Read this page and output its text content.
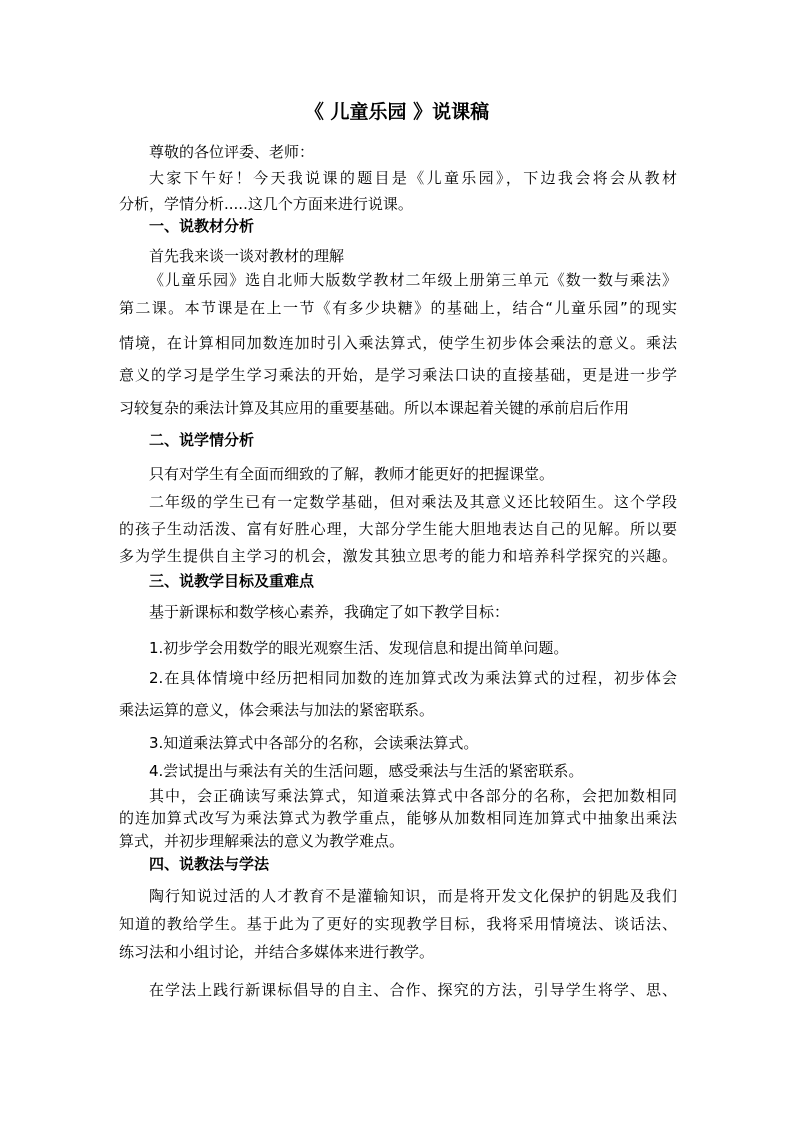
《 儿童乐园 》说课稿
尊敬的各位评委、老师：
大家下午好！今天我说课的题目是《儿童乐园》，下边我会将会从教材
分析，学情分析.....这几个方面来进行说课。
一、说教材分析
首先我来谈一谈对教材的理解
《儿童乐园》选自北师大版数学教材二年级上册第三单元《数一数与乘法》
第二课。本节课是在上一节《有多少块糖》的基础上，结合“儿童乐园”的现实
情境，在计算相同加数连加时引入乘法算式，使学生初步体会乘法的意义。乘法
意义的学习是学生学习乘法的开始，是学习乘法口诀的直接基础，更是进一步学
习较复杂的乘法计算及其应用的重要基础。所以本课起着关键的承前启后作用
二、说学情分析
只有对学生有全面而细致的了解，教师才能更好的把握课堂。
二年级的学生已有一定数学基础，但对乘法及其意义还比较陌生。这个学段
的孩子生动活泼、富有好胜心理，大部分学生能大胆地表达自己的见解。所以要
多为学生提供自主学习的机会，激发其独立思考的能力和培养科学探究的兴趣。
三、说教学目标及重难点
基于新课标和数学核心素养，我确定了如下教学目标：
1.初步学会用数学的眼光观察生活、发现信息和提出简单问题。
2.在具体情境中经历把相同加数的连加算式改为乘法算式的过程，初步体会
乘法运算的意义，体会乘法与加法的紧密联系。
3.知道乘法算式中各部分的名称，会读乘法算式。
4.尝试提出与乘法有关的生活问题，感受乘法与生活的紧密联系。
其中，会正确读写乘法算式，知道乘法算式中各部分的名称，会把加数相同
的连加算式改写为乘法算式为教学重点，能够从加数相同连加算式中抽象出乘法
算式，并初步理解乘法的意义为教学难点。
四、说教法与学法
陶行知说过活的人才教育不是灌输知识，而是将开发文化保护的钥匙及我们
知道的教给学生。基于此为了更好的实现教学目标，我将采用情境法、谈话法、
练习法和小组讨论，并结合多媒体来进行教学。
在学法上践行新课标倡导的自主、合作、探究的方法，引导学生将学、思、
